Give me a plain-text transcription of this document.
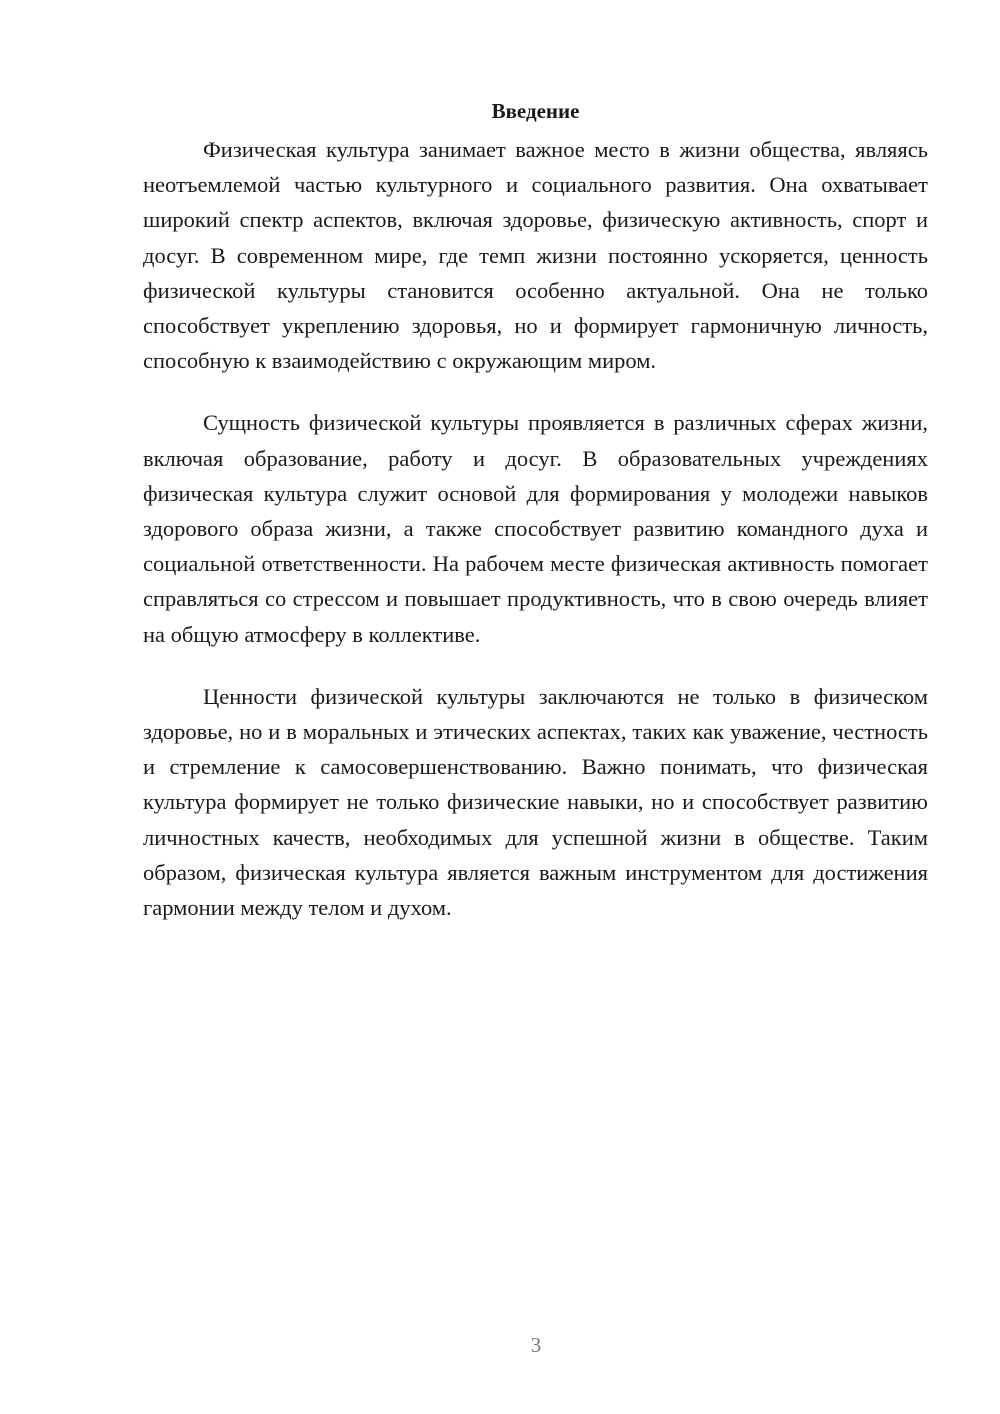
Введение

Физическая культура занимает важное место в жизни общества, являясь неотъемлемой частью культурного и социального развития. Она охватывает широкий спектр аспектов, включая здоровье, физическую активность, спорт и досуг. В современном мире, где темп жизни постоянно ускоряется, ценность физической культуры становится особенно актуальной. Она не только способствует укреплению здоровья, но и формирует гармоничную личность, способную к взаимодействию с окружающим миром.

Сущность физической культуры проявляется в различных сферах жизни, включая образование, работу и досуг. В образовательных учреждениях физическая культура служит основой для формирования у молодежи навыков здорового образа жизни, а также способствует развитию командного духа и социальной ответственности. На рабочем месте физическая активность помогает справляться со стрессом и повышает продуктивность, что в свою очередь влияет на общую атмосферу в коллективе.

Ценности физической культуры заключаются не только в физическом здоровье, но и в моральных и этических аспектах, таких как уважение, честность и стремление к самосовершенствованию. Важно понимать, что физическая культура формирует не только физические навыки, но и способствует развитию личностных качеств, необходимых для успешной жизни в обществе. Таким образом, физическая культура является важным инструментом для достижения гармонии между телом и духом.

3
